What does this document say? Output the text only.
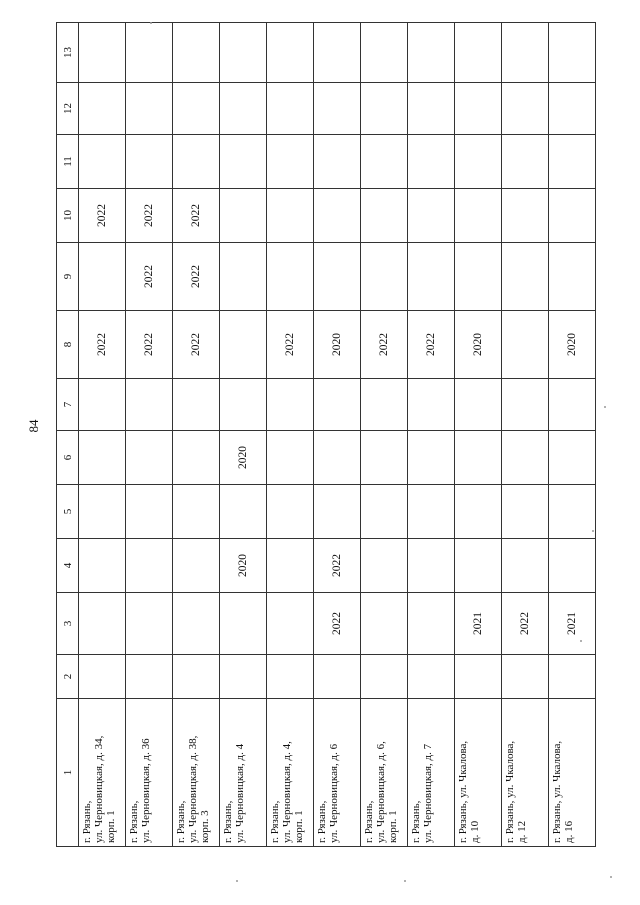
84
1	2	3	4	5	6	7	8	9	10	11	12	13

г. Рязань, ул. Черновицкая, д. 34, корп. 1							2022		2022			

г. Рязань, ул. Черновицкая, д. 36							2022	2022	2022			

г. Рязань, ул. Черновицкая, д. 38, корп. 3							2022	2022	2022			

г. Рязань, ул. Черновицкая, д. 4			2020		2020							

г. Рязань, ул. Черновицкая, д. 4, корп. 1							2022					

г. Рязань, ул. Черновицкая, д. 6		2022	2022				2020					

г. Рязань, ул. Черновицкая, д. 6, корп. 1							2022					

г. Рязань, ул. Черновицкая, д. 7							2022					

г. Рязань, ул. Чкалова, д. 10		2021					2020					

г. Рязань, ул. Чкалова, д. 12		2022										

г. Рязань, ул. Чкалова, д. 16		2021					2020					
